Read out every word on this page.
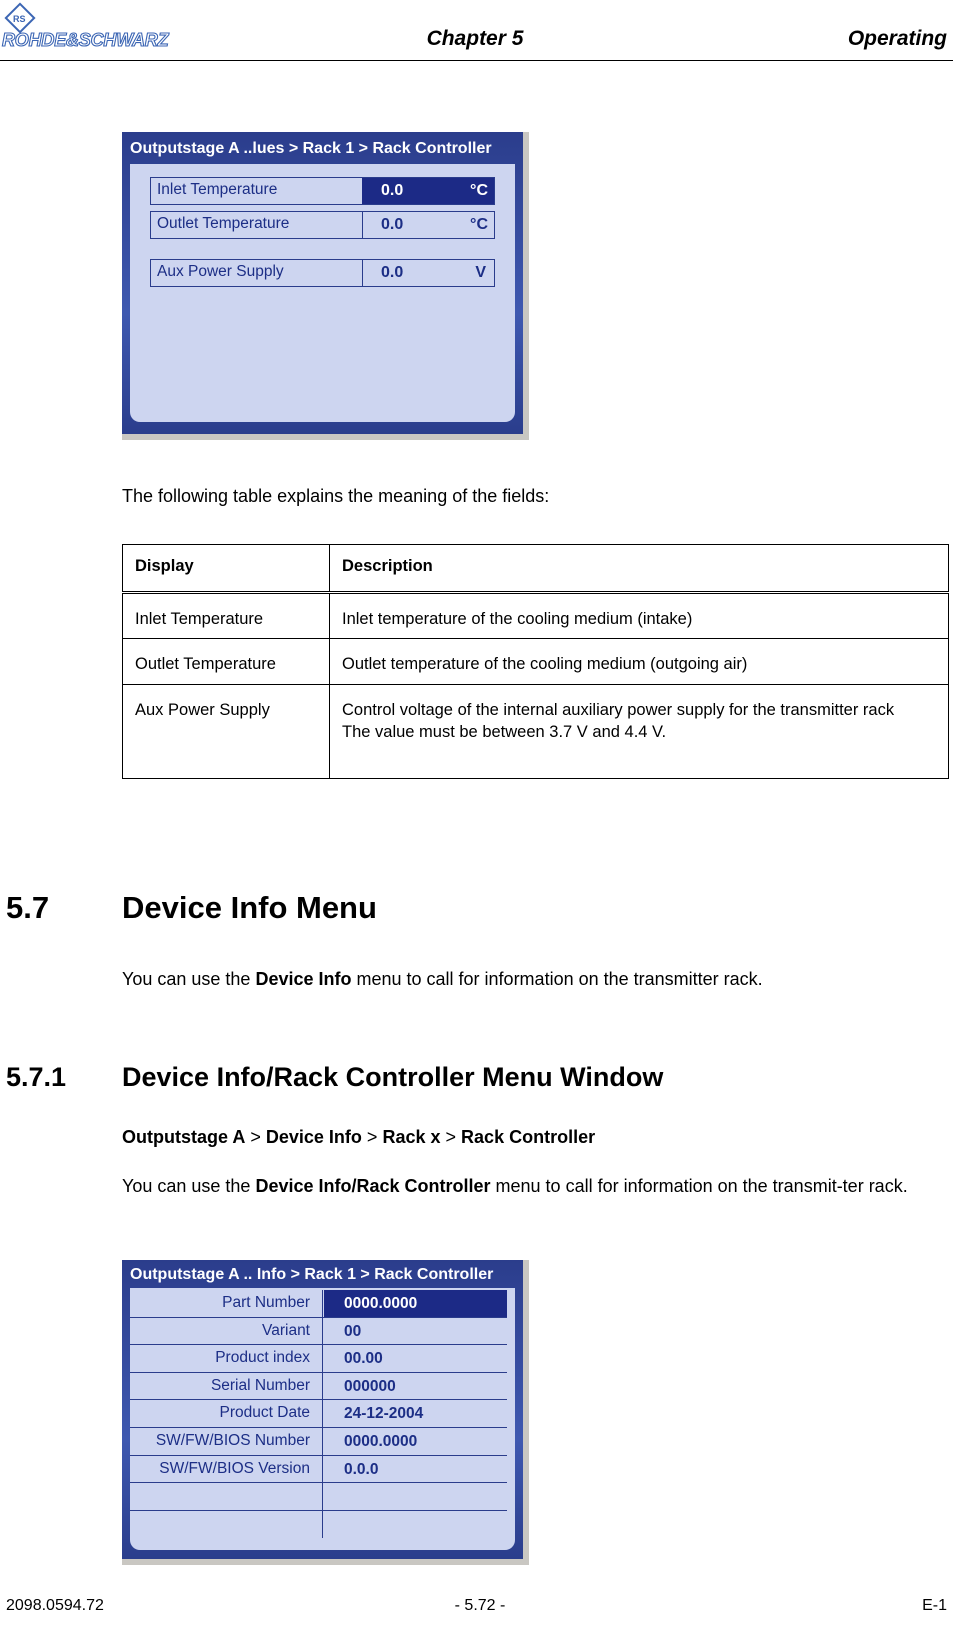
RS
ROHDE&SCHWARZ	Chapter 5	Operating
Outputstage A ..lues > Rack 1 > Rack Controller
Inlet Temperature	0.0	°C
Outlet Temperature	0.0	°C
Aux Power Supply	0.0	V
The following table explains the meaning of the fields:
Display	Description
Inlet Temperature	Inlet temperature of the cooling medium (intake)
Outlet Temperature	Outlet temperature of the cooling medium (outgoing air)
Aux Power Supply	Control voltage of the internal auxiliary power supply for the transmitter rack
The value must be between 3.7 V and 4.4 V.
5.7 Device Info Menu
You can use the Device Info menu to call for information on the transmitter rack.
5.7.1 Device Info/Rack Controller Menu Window
Outputstage A > Device Info > Rack x > Rack Controller
You can use the Device Info/Rack Controller menu to call for information on the transmit-ter rack.
Outputstage A .. Info > Rack 1 > Rack Controller
Part Number	0000.0000
Variant	00
Product index	00.00
Serial Number	000000
Product Date	24-12-2004
SW/FW/BIOS Number	0000.0000
SW/FW/BIOS Version	0.0.0
2098.0594.72	- 5.72 -	E-1
